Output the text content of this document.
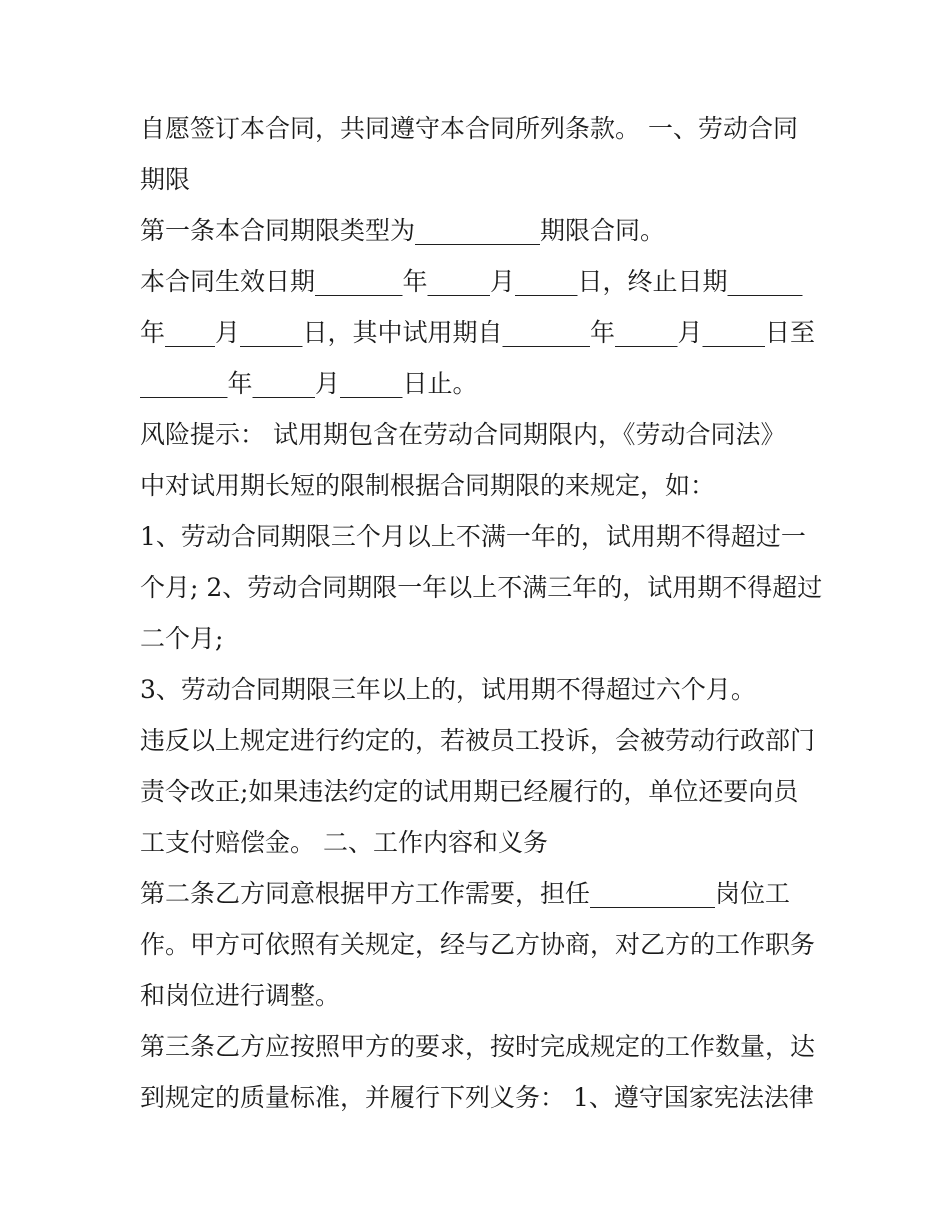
自愿签订本合同，共同遵守本合同所列条款。 一、劳动合同

期限

第一条本合同期限类型为__________期限合同。

本合同生效日期_______年_____月_____日，终止日期______

年____月_____日，其中试用期自_______年_____月_____日至

_______年_____月_____日止。

风险提示： 试用期包含在劳动合同期限内，《劳动合同法》

中对试用期长短的限制根据合同期限的来规定，如：

1、劳动合同期限三个月以上不满一年的，试用期不得超过一

个月; 2、劳动合同期限一年以上不满三年的，试用期不得超过

二个月;

3、劳动合同期限三年以上的，试用期不得超过六个月。

违反以上规定进行约定的，若被员工投诉，会被劳动行政部门

责令改正;如果违法约定的试用期已经履行的，单位还要向员

工支付赔偿金。 二、工作内容和义务

第二条乙方同意根据甲方工作需要，担任__________岗位工

作。甲方可依照有关规定，经与乙方协商，对乙方的工作职务

和岗位进行调整。

第三条乙方应按照甲方的要求，按时完成规定的工作数量，达

到规定的质量标准，并履行下列义务： 1、遵守国家宪法法律
